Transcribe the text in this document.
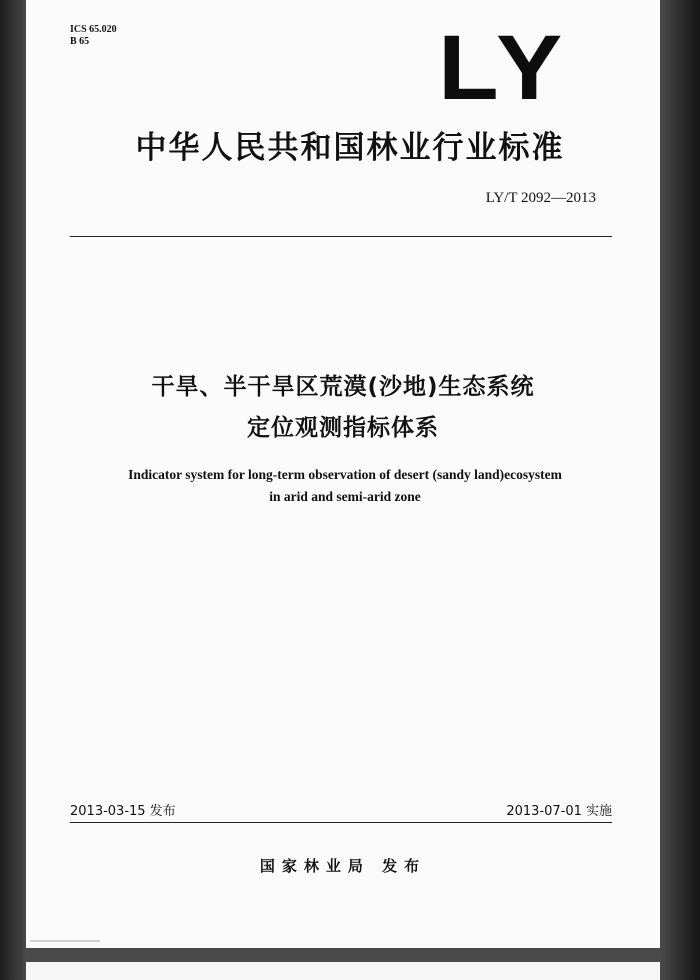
ICS 65.020
B 65	LY
中华人民共和国林业行业标准
LY/T 2092—2013
干旱、半干旱区荒漠(沙地)生态系统
定位观测指标体系
Indicator system for long-term observation of desert (sandy land)ecosystem
in arid and semi-arid zone
2013-03-15 发布	2013-07-01 实施
国家林业局 发布
